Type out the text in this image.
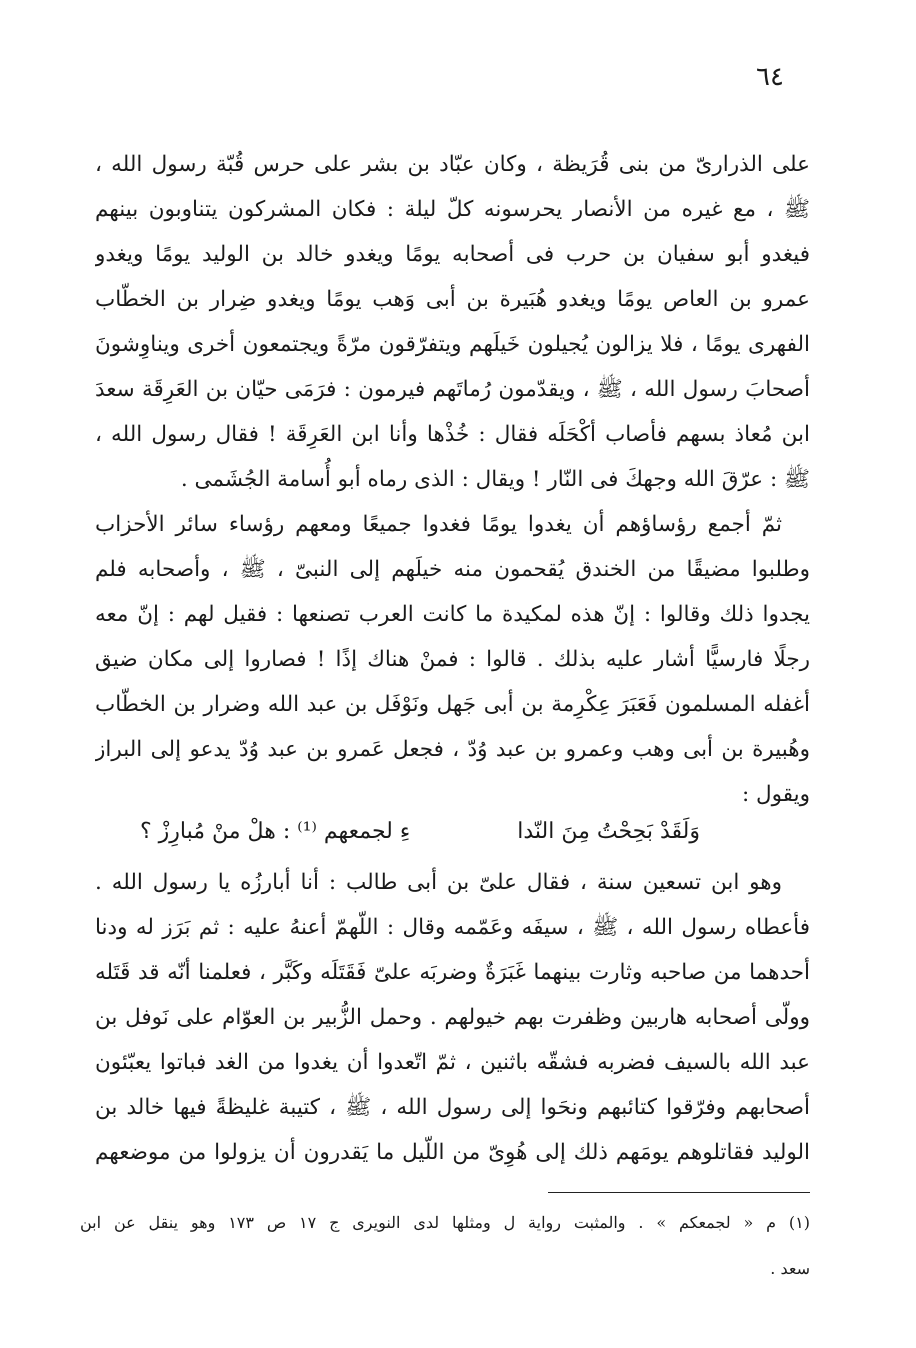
٦٤
على الذرارىّ من بنى قُرَيظة ، وكان عبّاد بن بشر على حرس قُبّة رسول الله ،
ﷺ ، مع غيره من الأنصار يحرسونه كلّ ليلة : فكان المشركون يتناوبون بينهم
فيغدو أبو سفيان بن حرب فى أصحابه يومًا ويغدو خالد بن الوليد يومًا ويغدو
عمرو بن العاص يومًا ويغدو هُبَيرة بن أبى وَهب يومًا ويغدو ضِرار بن الخطّاب
الفهرى يومًا ، فلا يزالون يُجيلون خَيلَهم ويتفرّقون مرّةً ويجتمعون أخرى ويناوِشونَ
أصحابَ رسول الله ، ﷺ ، ويقدّمون رُماتَهم فيرمون : فرَمَى حيّان بن العَرِقَة سعدَ
ابن مُعاذ بسهم فأصاب أكْحَلَه فقال : خُذْها وأنا ابن العَرِقَة ! فقال رسول الله ،
ﷺ : عرّقَ الله وجهكَ فى النّار ! ويقال : الذى رماه أبو أُسامة الجُشَمى .
ثمّ أجمع رؤساؤهم أن يغدوا يومًا فغدوا جميعًا ومعهم رؤساء سائر الأحزاب
وطلبوا مضيقًا من الخندق يُقحمون منه خيلَهم إلى النبىّ ، ﷺ ، وأصحابه فلم
يجدوا ذلك وقالوا : إنّ هذه لمكيدة ما كانت العرب تصنعها : فقيل لهم : إنّ معه
رجلًا فارسيًّا أشار عليه بذلك . قالوا : فمنْ هناك إذًا ! فصاروا إلى مكان ضيق
أغفله المسلمون فَعَبَرَ عِكْرِمة بن أبى جَهل ونَوْفَل بن عبد الله وضرار بن الخطّاب
وهُبيرة بن أبى وهب وعمرو بن عبد وُدّ ، فجعل عَمرو بن عبد وُدّ يدعو إلى البراز
ويقول :
وَلَقَدْ بَحِحْتُ مِنَ النّدا
ءِ لجمعهم ⁽¹⁾ : هلْ منْ مُبارِزْ ؟
وهو ابن تسعين سنة ، فقال علىّ بن أبى طالب : أنا أبارزُه يا رسول الله .
فأعطاه رسول الله ، ﷺ ، سيفَه وعَمّمه وقال : اللّهمّ أعنهُ عليه : ثم بَرَز له ودنا
أحدهما من صاحبه وثارت بينهما غَبَرَةٌ وضربَه علىّ فَقَتَلَه وكَبَّر ، فعلمنا أنّه قد قَتَله
وولّى أصحابه هاربين وظفرت بهم خيولهم . وحمل الزُّبير بن العوّام على نَوفل بن
عبد الله بالسيف فضربه فشقّه باثنين ، ثمّ اتّعدوا أن يغدوا من الغد فباتوا يعبّئون
أصحابهم وفرّقوا كتائبهم ونحَوا إلى رسول الله ، ﷺ ، كتيبة غليظةً فيها خالد بن
الوليد فقاتلوهم يومَهم ذلك إلى هُوِىّ من اللّيل ما يَقدرون أن يزولوا من موضعهم
(١) م « لجمعكم » . والمثبت رواية ل ومثلها لدى النويرى ج ١٧ ص ١٧٣ وهو ينقل عن ابن
سعد .
